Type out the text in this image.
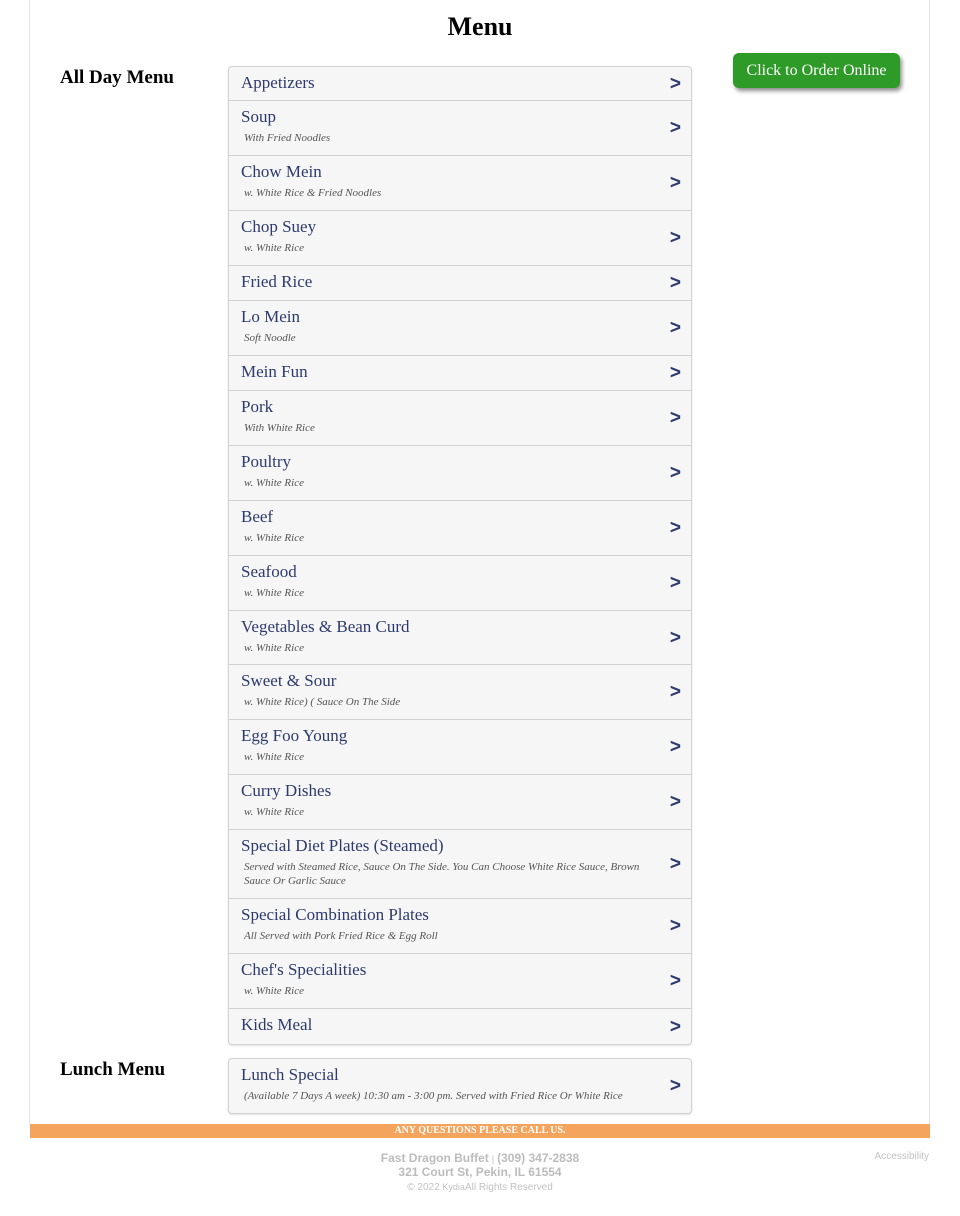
Menu
Click to Order Online
All Day Menu	Appetizers	>
Soup
With Fried Noodles	>
Chow Mein
w. White Rice & Fried Noodles	>
Chop Suey
w. White Rice	>
Fried Rice	>
Lo Mein
Soft Noodle	>
Mein Fun	>
Pork
With White Rice	>
Poultry
w. White Rice	>
Beef
w. White Rice	>
Seafood
w. White Rice	>
Vegetables & Bean Curd
w. White Rice	>
Sweet & Sour
w. White Rice) ( Sauce On The Side	>
Egg Foo Young
w. White Rice	>
Curry Dishes
w. White Rice	>
Special Diet Plates (Steamed)
Served with Steamed Rice, Sauce On The Side. You Can Choose White Rice Sauce, Brown Sauce Or Garlic Sauce
>
Special Combination Plates
All Served with Pork Fried Rice & Egg Roll	>
Chef's Specialities
w. White Rice	>
Kids Meal	>
Lunch Menu	Lunch Special
(Available 7 Days A week) 10:30 am - 3:00 pm. Served with Fried Rice Or White Rice	>
ANY QUESTIONS PLEASE CALL US.
Fast Dragon Buffet | (309) 347-2838
321 Court St, Pekin, IL 61554
© 2022 KydiaAll Rights Reserved
Accessibility
